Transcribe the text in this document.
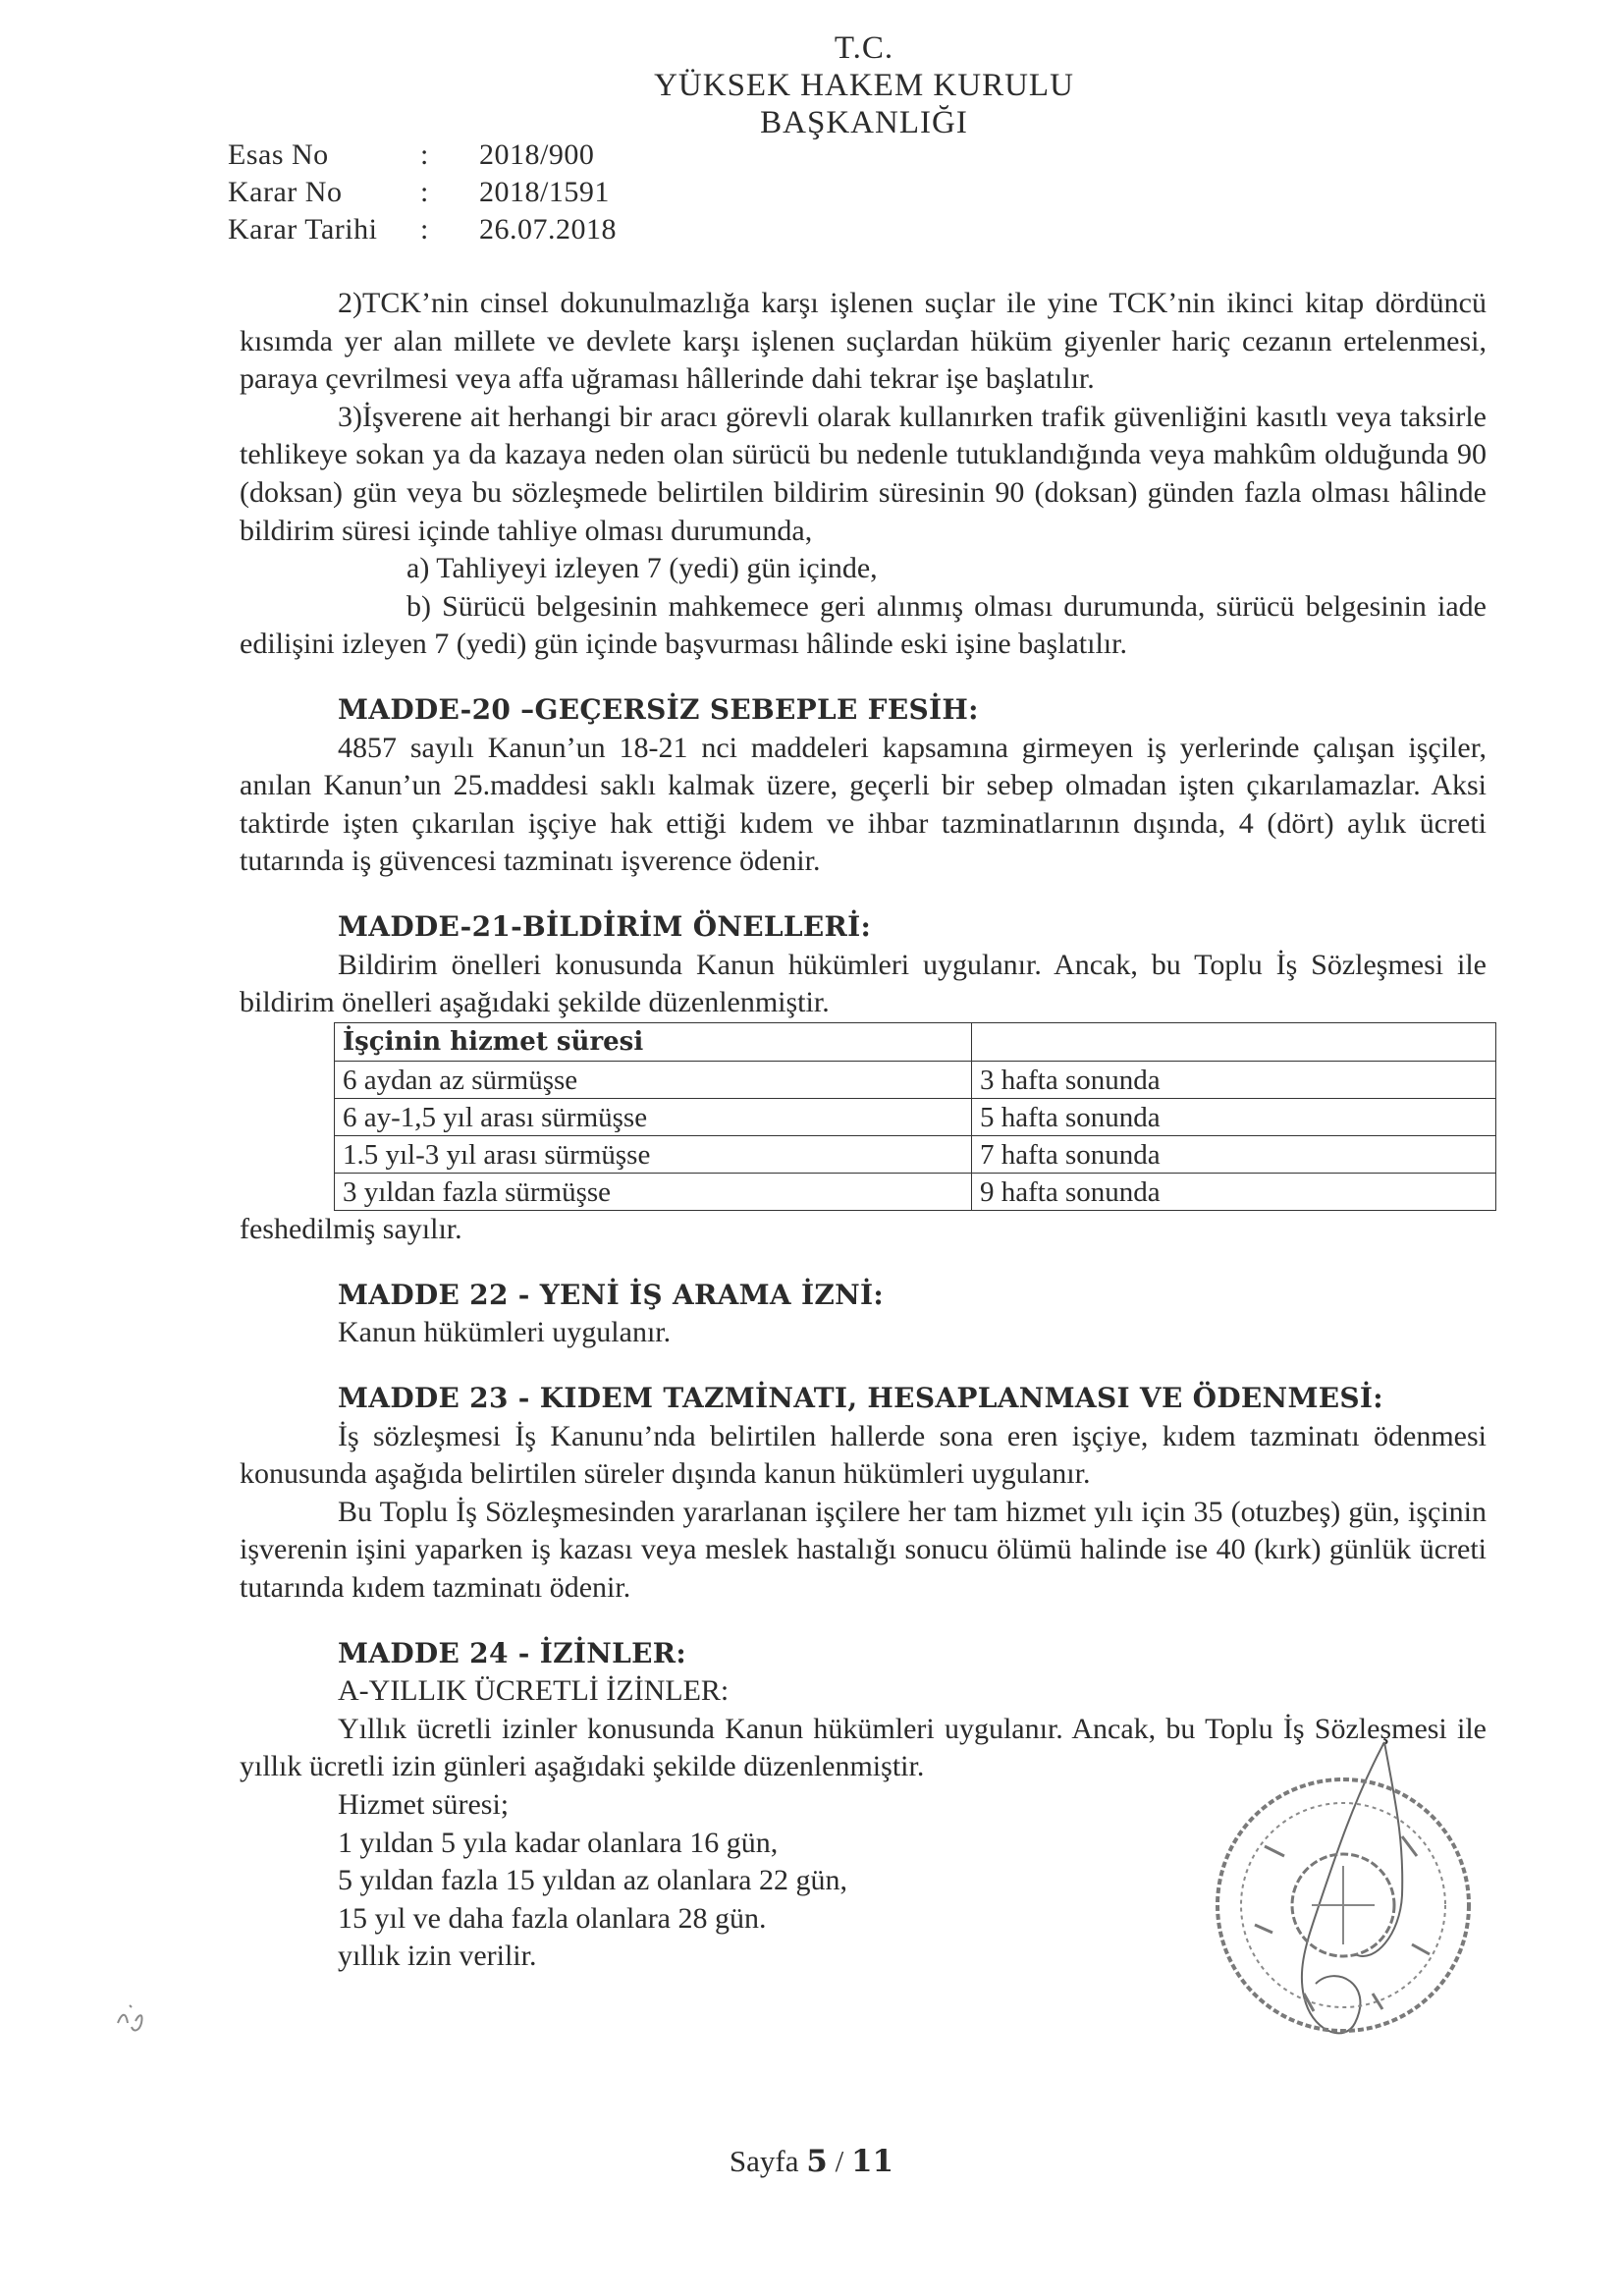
T.C.
YÜKSEK HAKEM KURULU
BAŞKANLIĞI
Esas No	: 2018/900
Karar No	: 2018/1591
Karar Tarihi	: 26.07.2018

2)TCK’nin cinsel dokunulmazlığa karşı işlenen suçlar ile yine TCK’nin ikinci kitap dördüncü kısımda yer alan millete ve devlete karşı işlenen suçlardan hüküm giyenler hariç cezanın ertelenmesi, paraya çevrilmesi veya affa uğraması hâllerinde dahi tekrar işe başlatılır.

3)İşverene ait herhangi bir aracı görevli olarak kullanırken trafik güvenliğini kasıtlı veya taksirle tehlikeye sokan ya da kazaya neden olan sürücü bu nedenle tutuklandığında veya mahkûm olduğunda 90 (doksan) gün veya bu sözleşmede belirtilen bildirim süresinin 90 (doksan) günden fazla olması hâlinde bildirim süresi içinde tahliye olması durumunda,

a) Tahliyeyi izleyen 7 (yedi) gün içinde,

b) Sürücü belgesinin mahkemece geri alınmış olması durumunda, sürücü belgesinin iade edilişini izleyen 7 (yedi) gün içinde başvurması hâlinde eski işine başlatılır.

MADDE-20 –GEÇERSİZ SEBEPLE FESİH:

4857 sayılı Kanun’un 18-21 nci maddeleri kapsamına girmeyen iş yerlerinde çalışan işçiler, anılan Kanun’un 25.maddesi saklı kalmak üzere, geçerli bir sebep olmadan işten çıkarılamazlar. Aksi taktirde işten çıkarılan işçiye hak ettiği kıdem ve ihbar tazminatlarının dışında, 4 (dört) aylık ücreti tutarında iş güvencesi tazminatı işverence ödenir.

MADDE-21-BİLDİRİM ÖNELLERİ:

Bildirim önelleri konusunda Kanun hükümleri uygulanır. Ancak, bu Toplu İş Sözleşmesi ile bildirim önelleri aşağıdaki şekilde düzenlenmiştir.

İşçinin hizmet süresi	
6 aydan az sürmüşse	3 hafta sonunda
6 ay-1,5 yıl arası sürmüşse	5 hafta sonunda
1.5 yıl-3 yıl arası sürmüşse	7 hafta sonunda
3 yıldan fazla sürmüşse	9 hafta sonunda

feshedilmiş sayılır.

MADDE 22 - YENİ İŞ ARAMA İZNİ:

Kanun hükümleri uygulanır.

MADDE 23 - KIDEM TAZMİNATI, HESAPLANMASI VE ÖDENMESİ:

İş sözleşmesi İş Kanunu’nda belirtilen hallerde sona eren işçiye, kıdem tazminatı ödenmesi konusunda aşağıda belirtilen süreler dışında kanun hükümleri uygulanır.

Bu Toplu İş Sözleşmesinden yararlanan işçilere her tam hizmet yılı için 35 (otuzbeş) gün, işçinin işverenin işini yaparken iş kazası veya meslek hastalığı sonucu ölümü halinde ise 40 (kırk) günlük ücreti tutarında kıdem tazminatı ödenir.

MADDE 24 - İZİNLER:

A-YILLIK ÜCRETLİ İZİNLER:

Yıllık ücretli izinler konusunda Kanun hükümleri uygulanır. Ancak, bu Toplu İş Sözleşmesi ile yıllık ücretli izin günleri aşağıdaki şekilde düzenlenmiştir.

Hizmet süresi;

1 yıldan 5 yıla kadar olanlara 16 gün,

5 yıldan fazla 15 yıldan az olanlara 22 gün,

15 yıl ve daha fazla olanlara 28 gün.

yıllık izin verilir.

Sayfa 5 / 11
